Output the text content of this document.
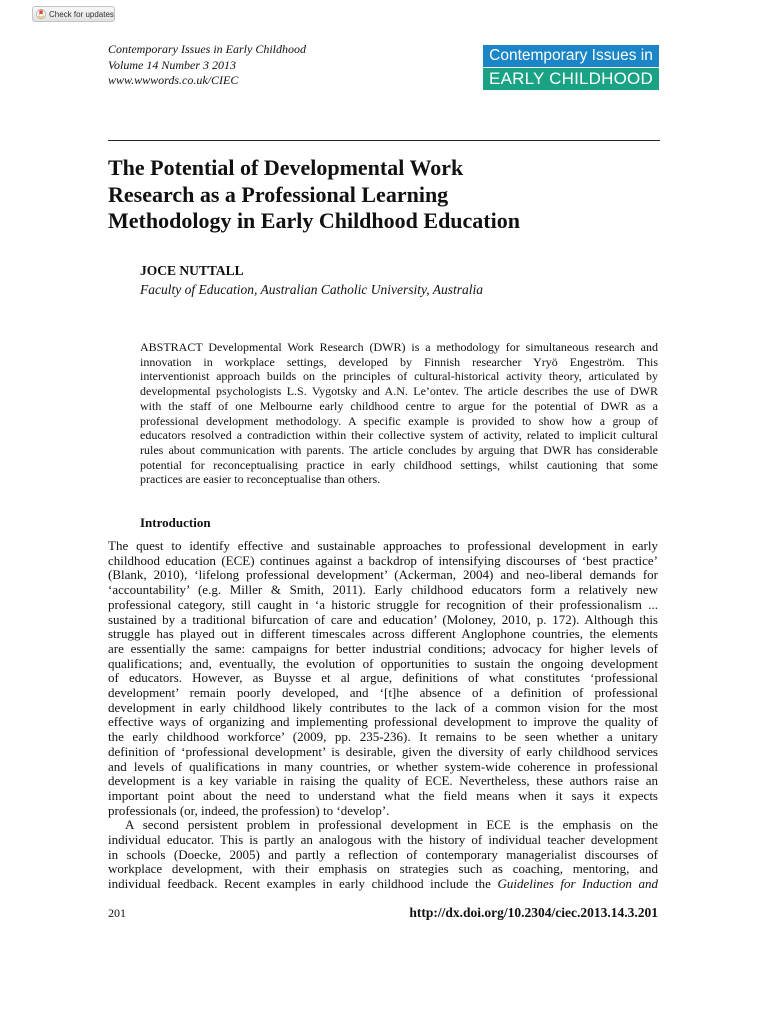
Check for updates
Contemporary Issues in Early Childhood
Volume 14 Number 3 2013
www.wwwords.co.uk/CIEC
Contemporary Issues in
EARLY CHILDHOOD
The Potential of Developmental Work
Research as a Professional Learning
Methodology in Early Childhood Education
JOCE NUTTALL
Faculty of Education, Australian Catholic University, Australia
ABSTRACT Developmental Work Research (DWR) is a methodology for simultaneous research and
innovation in workplace settings, developed by Finnish researcher Yryö Engeström. This
interventionist approach builds on the principles of cultural-historical activity theory, articulated by
developmental psychologists L.S. Vygotsky and A.N. Le’ontev. The article describes the use of DWR
with the staff of one Melbourne early childhood centre to argue for the potential of DWR as a
professional development methodology. A specific example is provided to show how a group of
educators resolved a contradiction within their collective system of activity, related to implicit cultural
rules about communication with parents. The article concludes by arguing that DWR has considerable
potential for reconceptualising practice in early childhood settings, whilst cautioning that some
practices are easier to reconceptualise than others.
Introduction
The quest to identify effective and sustainable approaches to professional development in early
childhood education (ECE) continues against a backdrop of intensifying discourses of ‘best practice’
(Blank, 2010), ‘lifelong professional development’ (Ackerman, 2004) and neo-liberal demands for
‘accountability’ (e.g. Miller & Smith, 2011). Early childhood educators form a relatively new
professional category, still caught in ‘a historic struggle for recognition of their professionalism ...
sustained by a traditional bifurcation of care and education’ (Moloney, 2010, p. 172). Although this
struggle has played out in different timescales across different Anglophone countries, the elements
are essentially the same: campaigns for better industrial conditions; advocacy for higher levels of
qualifications; and, eventually, the evolution of opportunities to sustain the ongoing development
of educators. However, as Buysse et al argue, definitions of what constitutes ‘professional
development’ remain poorly developed, and ‘[t]he absence of a definition of professional
development in early childhood likely contributes to the lack of a common vision for the most
effective ways of organizing and implementing professional development to improve the quality of
the early childhood workforce’ (2009, pp. 235-236). It remains to be seen whether a unitary
definition of ‘professional development’ is desirable, given the diversity of early childhood services
and levels of qualifications in many countries, or whether system-wide coherence in professional
development is a key variable in raising the quality of ECE. Nevertheless, these authors raise an
important point about the need to understand what the field means when it says it expects
professionals (or, indeed, the profession) to ‘develop’.
A second persistent problem in professional development in ECE is the emphasis on the
individual educator. This is partly an analogous with the history of individual teacher development
in schools (Doecke, 2005) and partly a reflection of contemporary managerialist discourses of
workplace development, with their emphasis on strategies such as coaching, mentoring, and
individual feedback. Recent examples in early childhood include the Guidelines for Induction and
201	http://dx.doi.org/10.2304/ciec.2013.14.3.201
